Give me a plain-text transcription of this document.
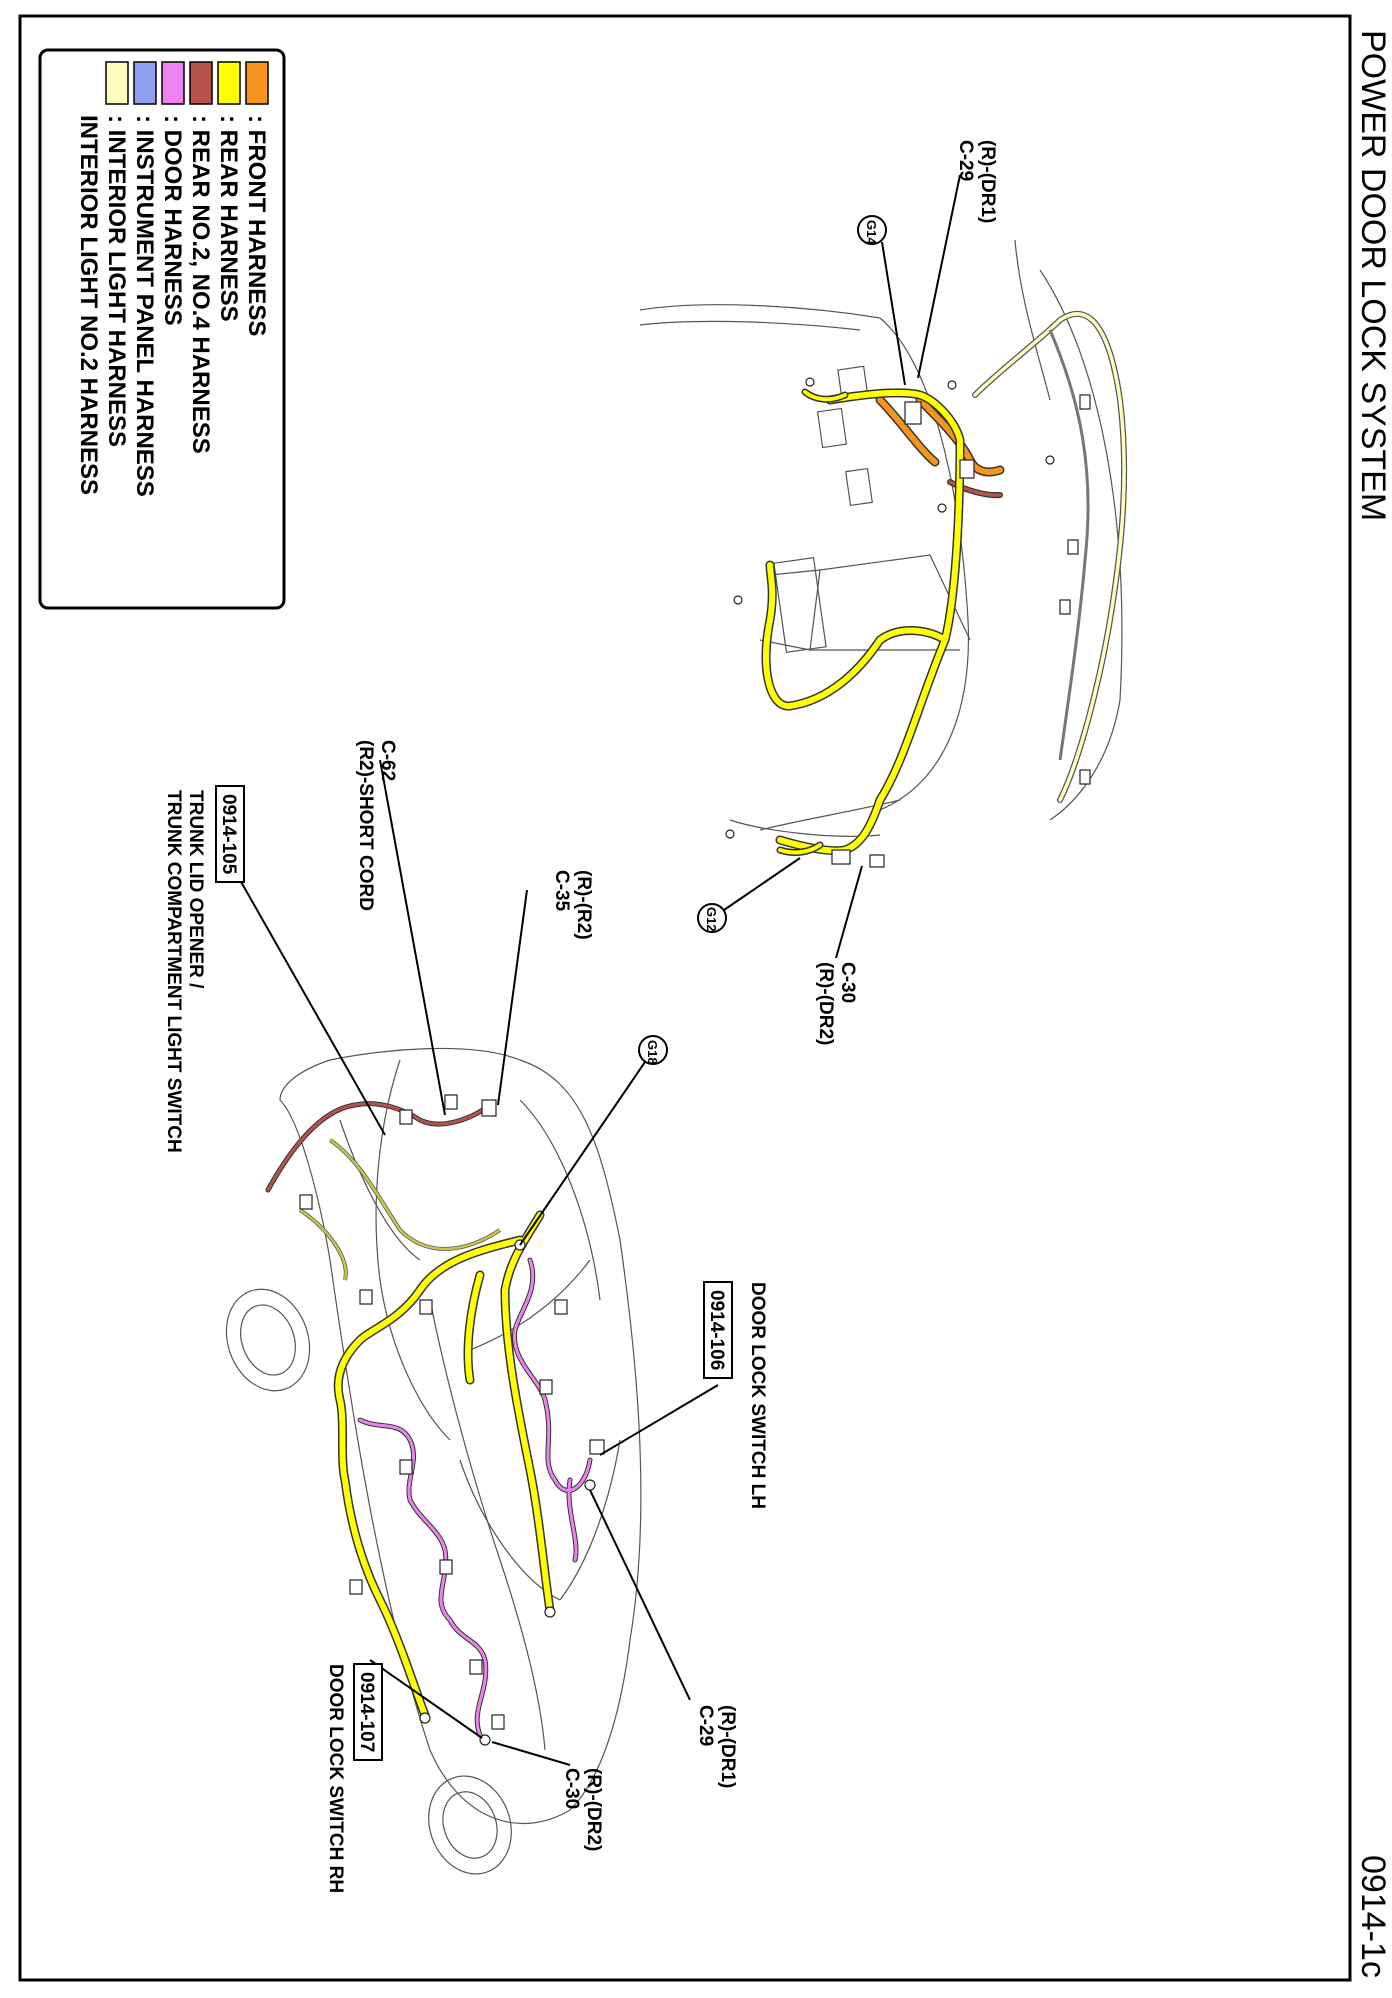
POWER DOOR LOCK SYSTEM
0914-1c
: FRONT HARNESS
: REAR HARNESS
: REAR NO.2, NO.4 HARNESS
: DOOR HARNESS
: INSTRUMENT PANEL HARNESS
: INTERIOR LIGHT HARNESS
INTERIOR LIGHT NO.2 HARNESS	(R)-(DR1)
C-29
G14
G12
C-30
(R)-(DR2)
C-62
(R2)-SHORT CORD	(R)-(R2)
C-35
0914-105
TRUNK LID OPENER /
TRUNK COMPARTMENT LIGHT SWITCH	G18
DOOR LOCK SWITCH LH
0914-106
(R)-(DR1)
C-29
0914-107
DOOR LOCK SWITCH RH	(R)-(DR2)
C-30
